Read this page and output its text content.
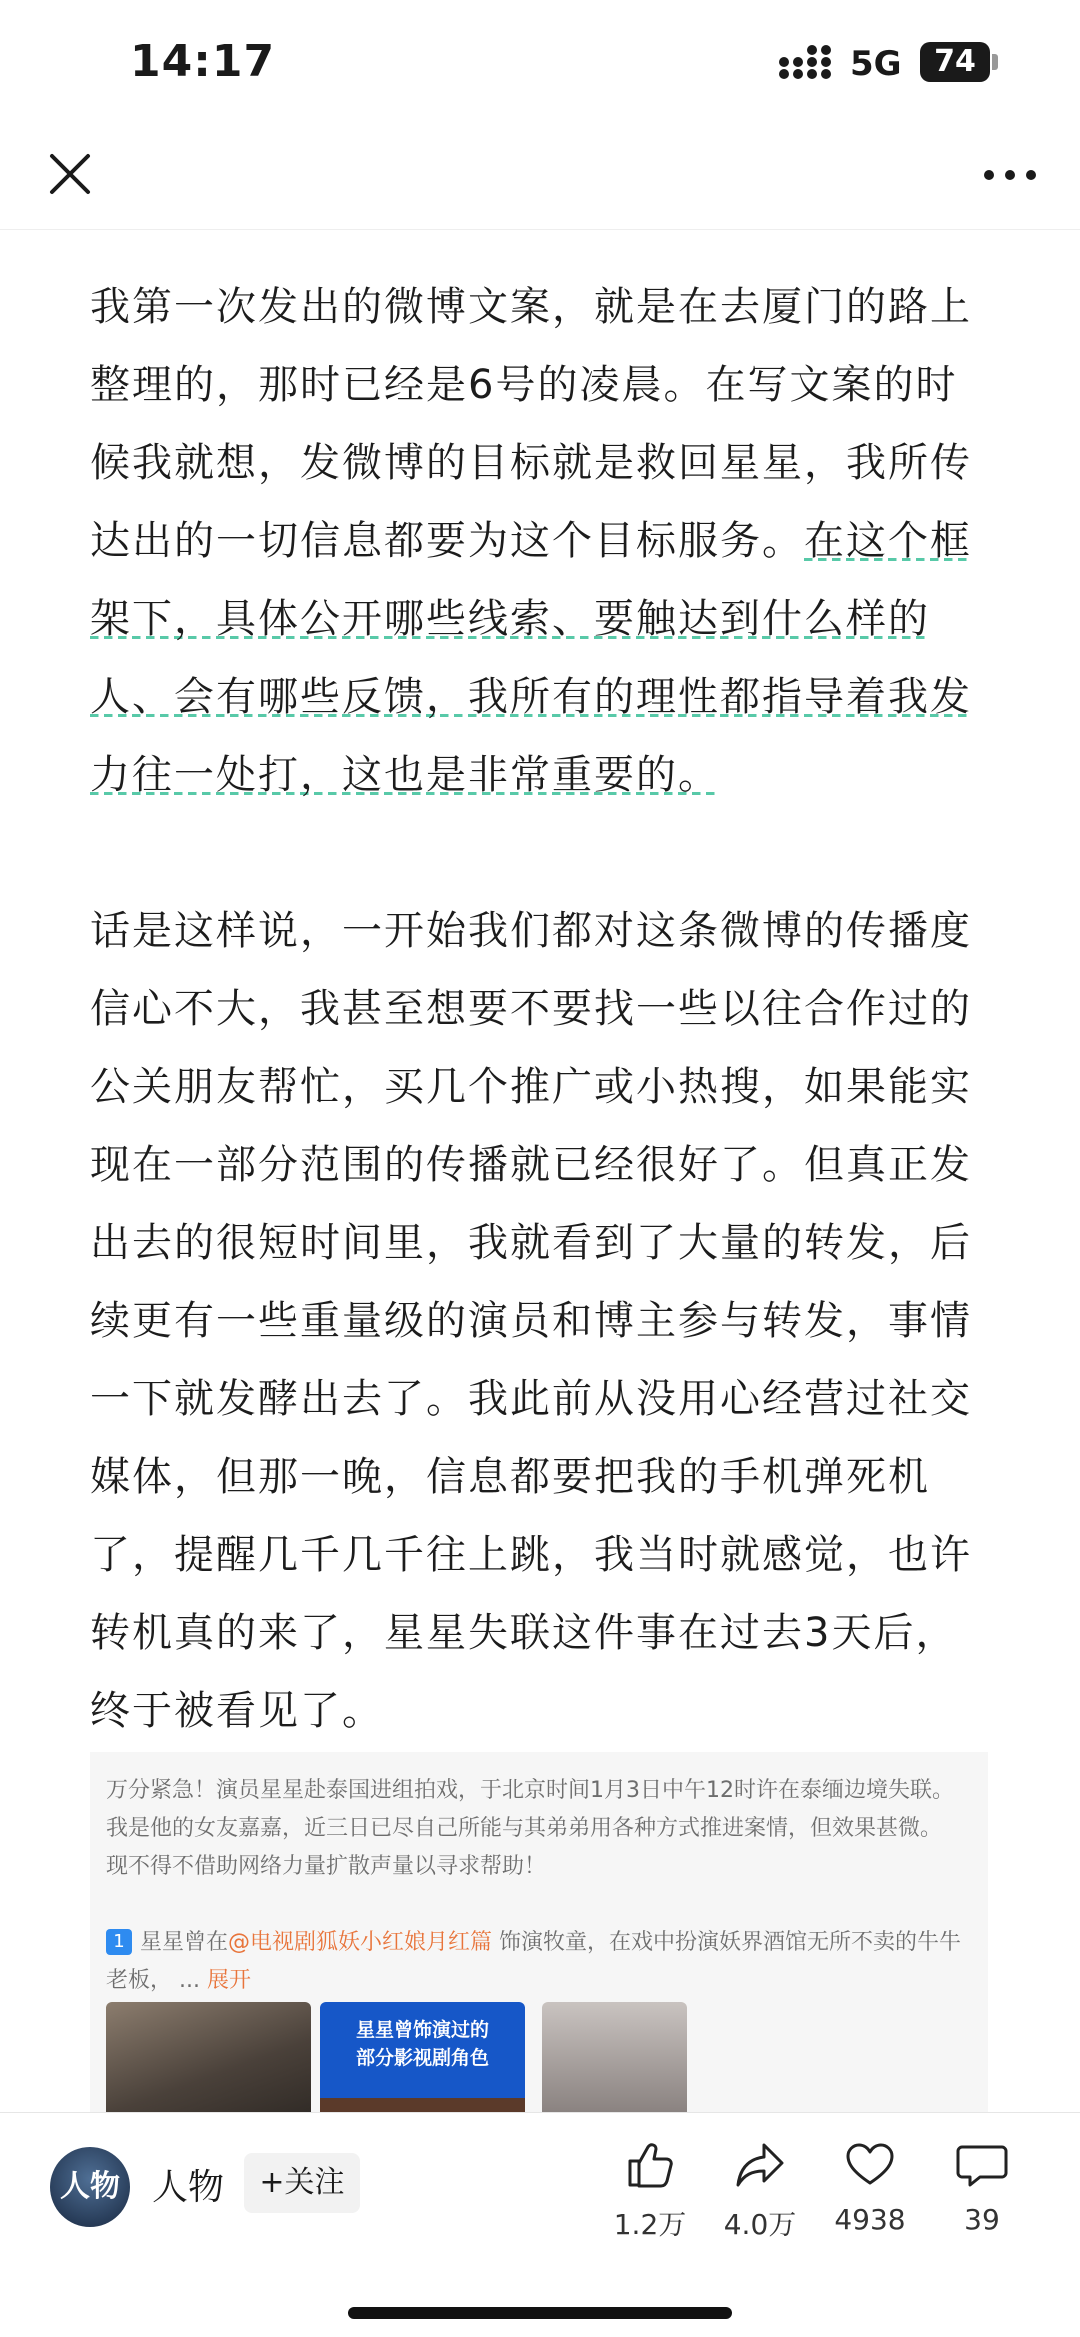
14:17	5G	74

我第一次发出的微博文案，就是在去厦门的路上整理的，那时已经是6号的凌晨。在写文案的时候我就想，发微博的目标就是救回星星，我所传达出的一切信息都要为这个目标服务。在这个框架下，具体公开哪些线索、要触达到什么样的人、会有哪些反馈，我所有的理性都指导着我发力往一处打，这也是非常重要的。

话是这样说，一开始我们都对这条微博的传播度信心不大，我甚至想要不要找一些以往合作过的公关朋友帮忙，买几个推广或小热搜，如果能实现在一部分范围的传播就已经很好了。但真正发出去的很短时间里，我就看到了大量的转发，后续更有一些重量级的演员和博主参与转发，事情一下就发酵出去了。我此前从没用心经营过社交媒体，但那一晚，信息都要把我的手机弹死机了，提醒几千几千往上跳，我当时就感觉，也许转机真的来了，星星失联这件事在过去3天后，终于被看见了。

万分紧急！演员星星赴泰国进组拍戏，于北京时间1月3日中午12时许在泰缅边境失联。
我是他的女友嘉嘉，近三日已尽自己所能与其弟弟用各种方式推进案情，但效果甚微。
现不得不借助网络力量扩散声量以寻求帮助！
1 星星曾在@电视剧狐妖小红娘月红篇 饰演牧童，在戏中扮演妖界酒馆无所不卖的牛牛
老板， ... 展开
星星曾饰演过的
部分影视剧角色
人物 人物	+关注
1.2万	4.0万	4938	39
